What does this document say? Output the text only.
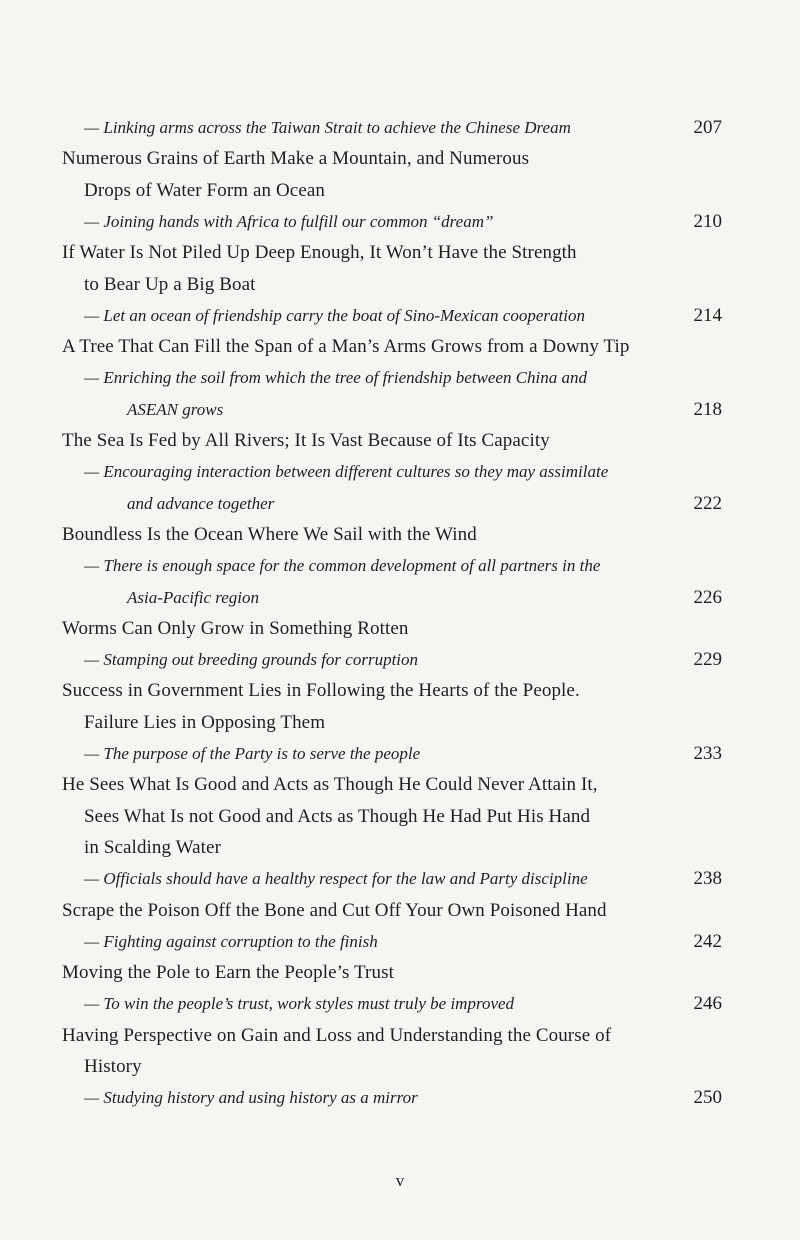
— Linking arms across the Taiwan Strait to achieve the Chinese Dream	207
Numerous Grains of Earth Make a Mountain, and Numerous
Drops of Water Form an Ocean
— Joining hands with Africa to fulfill our common “dream”	210
If Water Is Not Piled Up Deep Enough, It Won’t Have the Strength
to Bear Up a Big Boat
— Let an ocean of friendship carry the boat of Sino-Mexican cooperation	214
A Tree That Can Fill the Span of a Man’s Arms Grows from a Downy Tip
— Enriching the soil from which the tree of friendship between China and
ASEAN grows	218
The Sea Is Fed by All Rivers; It Is Vast Because of Its Capacity
— Encouraging interaction between different cultures so they may assimilate
and advance together	222
Boundless Is the Ocean Where We Sail with the Wind
— There is enough space for the common development of all partners in the
Asia-Pacific region	226
Worms Can Only Grow in Something Rotten
— Stamping out breeding grounds for corruption	229
Success in Government Lies in Following the Hearts of the People.
Failure Lies in Opposing Them
— The purpose of the Party is to serve the people	233
He Sees What Is Good and Acts as Though He Could Never Attain It,
Sees What Is not Good and Acts as Though He Had Put His Hand
in Scalding Water
— Officials should have a healthy respect for the law and Party discipline	238
Scrape the Poison Off the Bone and Cut Off Your Own Poisoned Hand
— Fighting against corruption to the finish	242
Moving the Pole to Earn the People’s Trust
— To win the people’s trust, work styles must truly be improved	246
Having Perspective on Gain and Loss and Understanding the Course of
History
— Studying history and using history as a mirror	250
v
